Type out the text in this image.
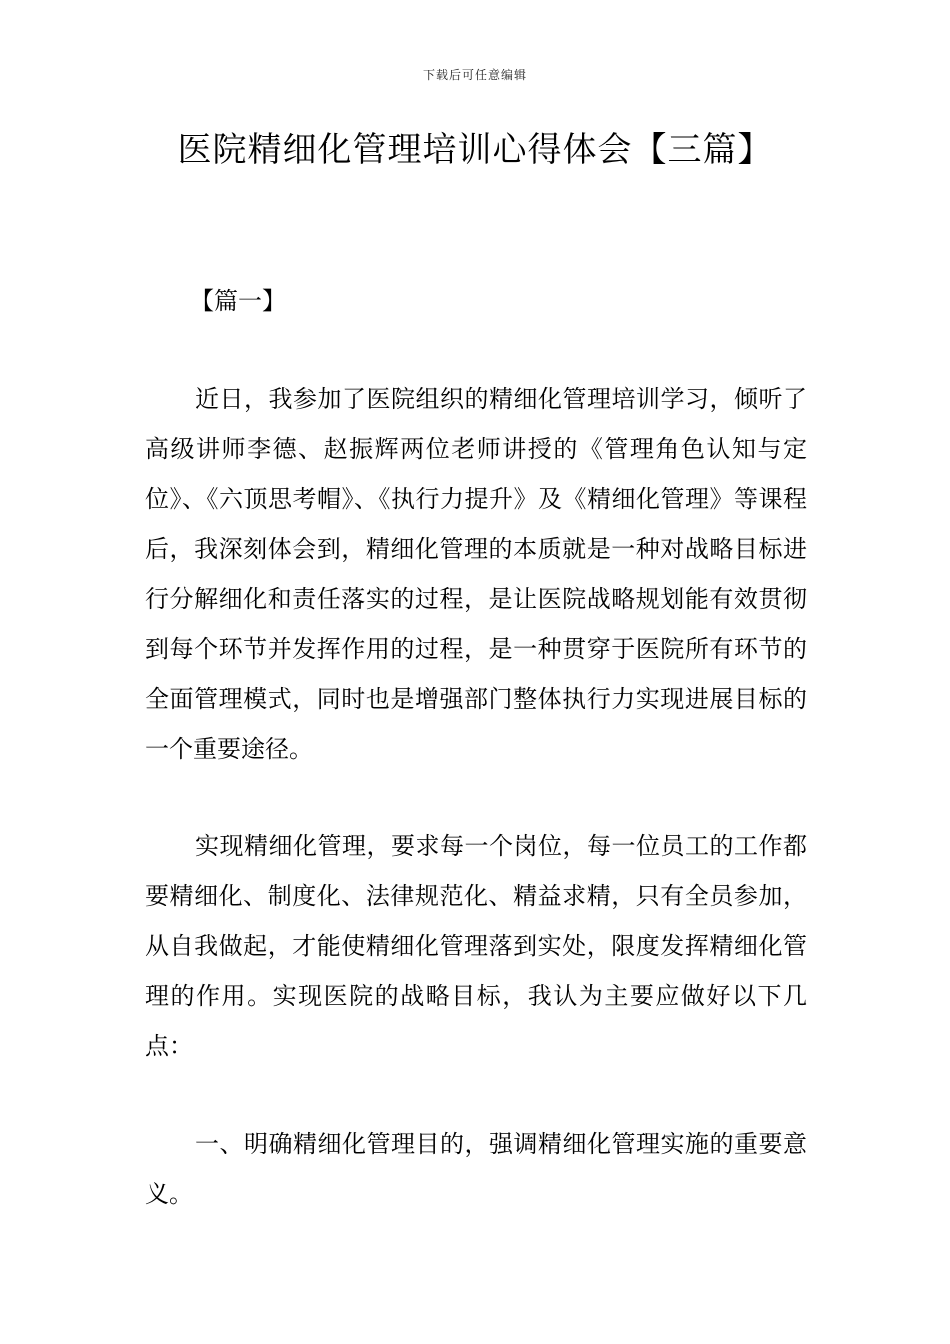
下载后可任意编辑
医院精细化管理培训心得体会【三篇】

【篇一】

近日，我参加了医院组织的精细化管理培训学习，倾听了高级讲师李德、赵振辉两位老师讲授的《管理角色认知与定位》、《六顶思考帽》、《执行力提升》及《精细化管理》等课程后，我深刻体会到，精细化管理的本质就是一种对战略目标进行分解细化和责任落实的过程，是让医院战略规划能有效贯彻到每个环节并发挥作用的过程，是一种贯穿于医院所有环节的全面管理模式，同时也是增强部门整体执行力实现进展目标的一个重要途径。

实现精细化管理，要求每一个岗位，每一位员工的工作都要精细化、制度化、法律规范化、精益求精，只有全员参加，从自我做起，才能使精细化管理落到实处，限度发挥精细化管理的作用。实现医院的战略目标，我认为主要应做好以下几点：

一、明确精细化管理目的，强调精细化管理实施的重要意义。
